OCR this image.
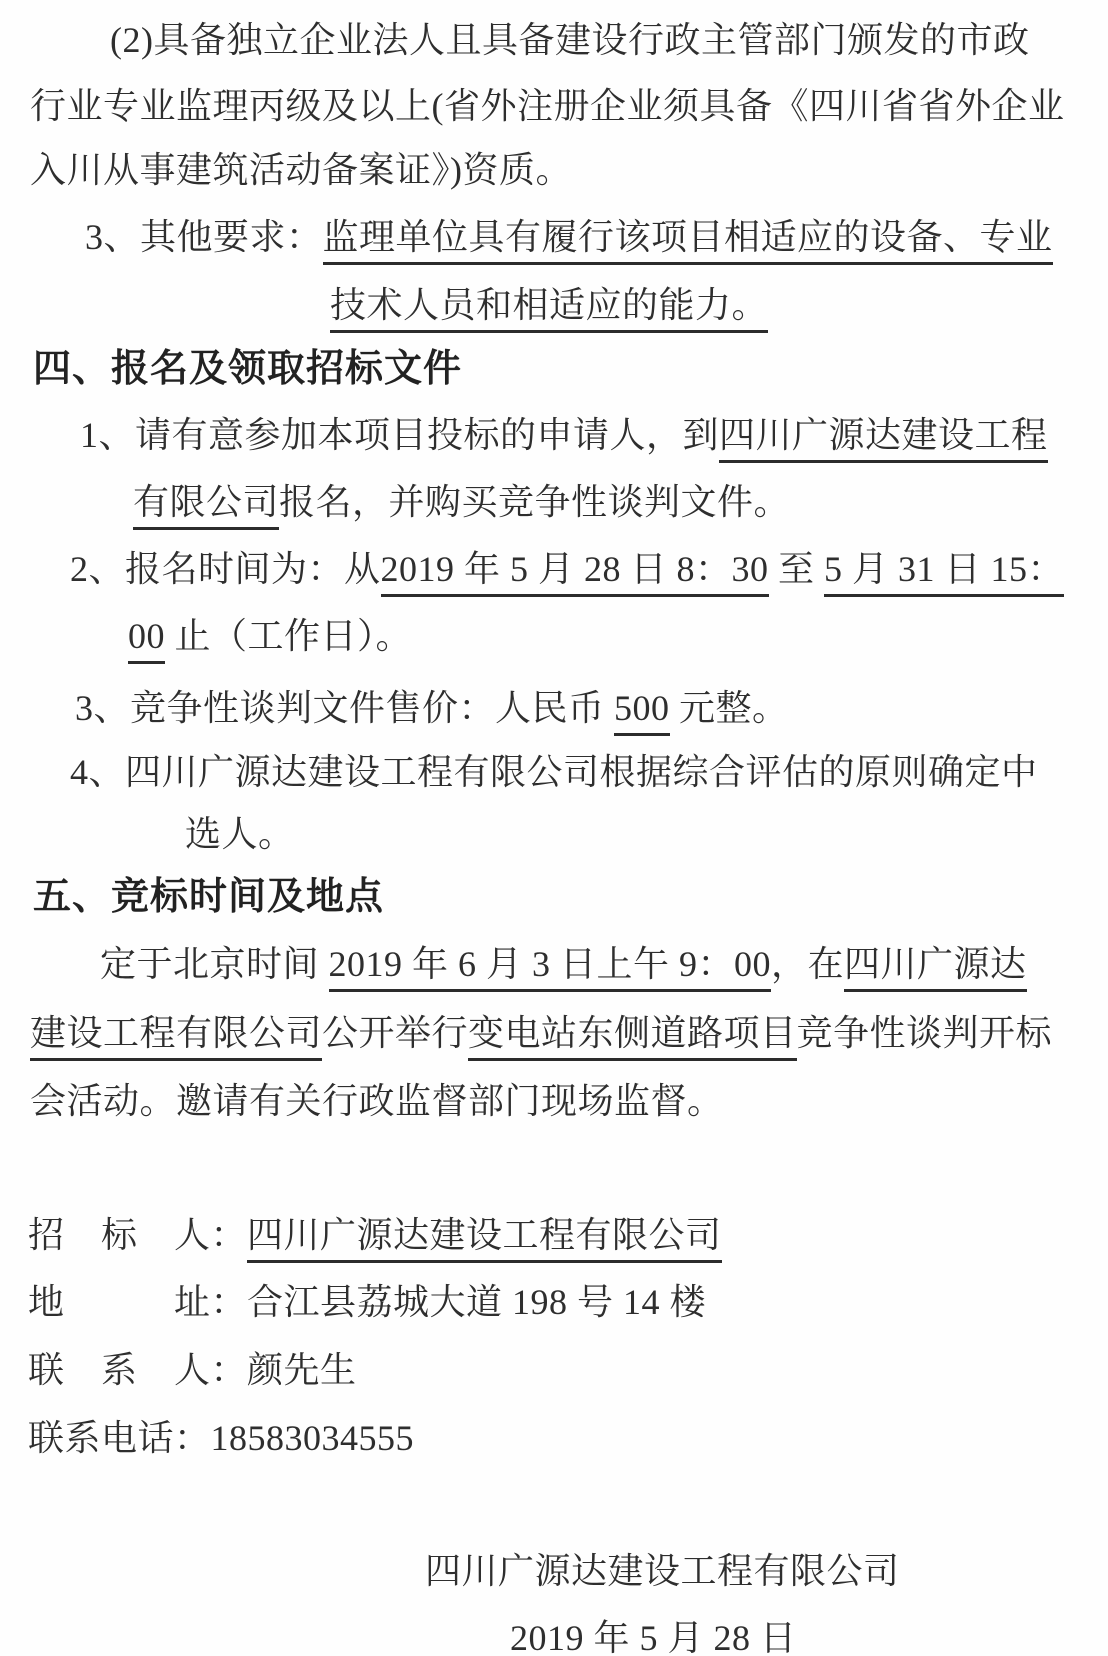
(2)具备独立企业法人且具备建设行政主管部门颁发的市政
行业专业监理丙级及以上(省外注册企业须具备《四川省省外企业
入川从事建筑活动备案证》)资质。
3、其他要求：监理单位具有履行该项目相适应的设备、专业
技术人员和相适应的能力。
四、报名及领取招标文件
1、请有意参加本项目投标的申请人，到四川广源达建设工程
有限公司报名，并购买竞争性谈判文件。
2、报名时间为：从2019 年 5 月 28 日 8：30 至 5 月 31 日 15：
00 止（工作日）。
3、竞争性谈判文件售价：人民币 500 元整。
4、四川广源达建设工程有限公司根据综合评估的原则确定中
选人。
五、竞标时间及地点
定于北京时间 2019 年 6 月 3 日上午 9：00，在四川广源达
建设工程有限公司公开举行变电站东侧道路项目竞争性谈判开标
会活动。邀请有关行政监督部门现场监督。
招　标　人：四川广源达建设工程有限公司
地　　　址：合江县荔城大道 198 号 14 楼
联　系　人：颜先生
联系电话：18583034555
四川广源达建设工程有限公司
2019 年 5 月 28 日
